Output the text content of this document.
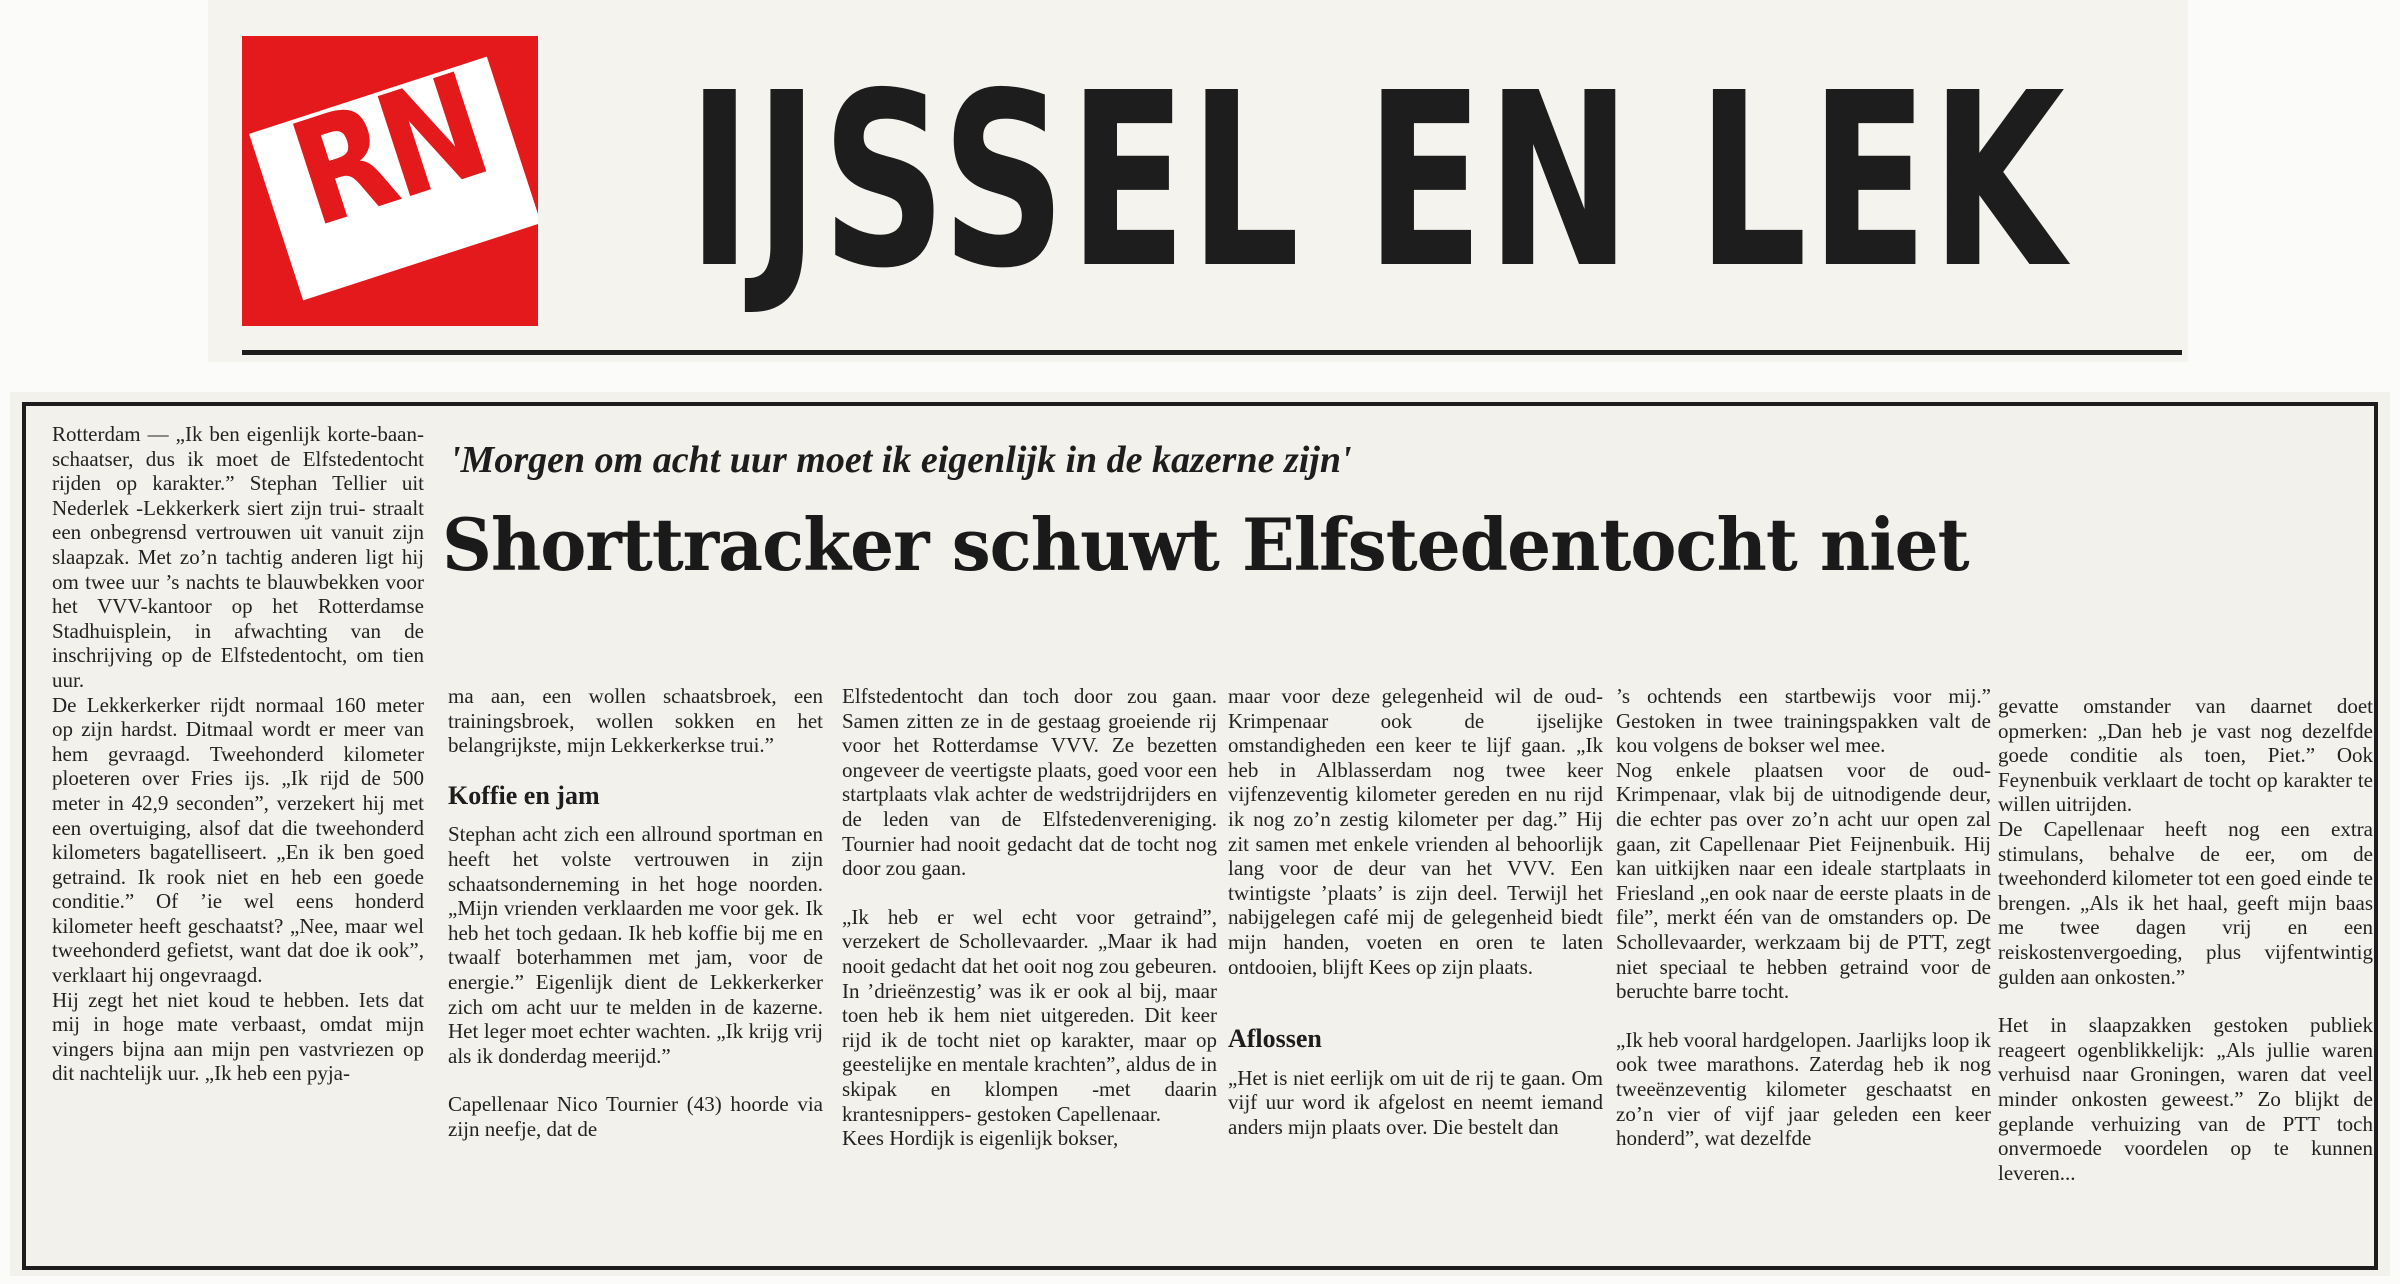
RN IJSSEL EN LEK

Rotterdam — „Ik ben eigenlijk korte-baan-schaatser, dus ik moet de Elfstedentocht rijden op karakter.” Stephan Tellier uit Nederlek -Lekkerkerk siert zijn trui- straalt een onbegrensd vertrouwen uit vanuit zijn slaapzak. Met zo’n tachtig anderen ligt hij om twee uur ’s nachts te blauwbekken voor het VVV-kantoor op het Rotterdamse Stadhuisplein, in afwachting van de inschrijving op de Elfstedentocht, om tien uur.

De Lekkerkerker rijdt normaal 160 meter op zijn hardst. Ditmaal wordt er meer van hem gevraagd. Tweehonderd kilometer ploeteren over Fries ijs. „Ik rijd de 500 meter in 42,9 seconden”, verzekert hij met een overtuiging, alsof dat die tweehonderd kilometers bagatelliseert. „En ik ben goed getraind. Ik rook niet en heb een goede conditie.” Of ’ie wel eens honderd kilometer heeft geschaatst? „Nee, maar wel tweehonderd gefietst, want dat doe ik ook”, verklaart hij ongevraagd.

Hij zegt het niet koud te hebben. Iets dat mij in hoge mate verbaast, omdat mijn vingers bijna aan mijn pen vastvriezen op dit nachtelijk uur. „Ik heb een pyja-

'Morgen om acht uur moet ik eigenlijk in de kazerne zijn'
Shorttracker schuwt Elfstedentocht niet

ma aan, een wollen schaatsbroek, een trainingsbroek, wollen sokken en het belangrijkste, mijn Lekkerkerkse trui.”

Koffie en jam

Stephan acht zich een allround sportman en heeft het volste vertrouwen in zijn schaatsonderneming in het hoge noorden. „Mijn vrienden verklaarden me voor gek. Ik heb het toch gedaan. Ik heb koffie bij me en twaalf boterhammen met jam, voor de energie.” Eigenlijk dient de Lekkerkerker zich om acht uur te melden in de kazerne. Het leger moet echter wachten. „Ik krijg vrij als ik donderdag meerijd.”

Capellenaar Nico Tournier (43) hoorde via zijn neefje, dat de

Elfstedentocht dan toch door zou gaan. Samen zitten ze in de gestaag groeiende rij voor het Rotterdamse VVV. Ze bezetten ongeveer de veertigste plaats, goed voor een startplaats vlak achter de wedstrijdrijders en de leden van de Elfstedenvereniging. Tournier had nooit gedacht dat de tocht nog door zou gaan.

„Ik heb er wel echt voor getraind”, verzekert de Schollevaarder. „Maar ik had nooit gedacht dat het ooit nog zou gebeuren. In ’drieënzestig’ was ik er ook al bij, maar toen heb ik hem niet uitgereden. Dit keer rijd ik de tocht niet op karakter, maar op geestelijke en mentale krachten”, aldus de in skipak en klompen -met daarin krantesnippers- gestoken Capellenaar.

Kees Hordijk is eigenlijk bokser,

maar voor deze gelegenheid wil de oud-Krimpenaar ook de ijselijke omstandigheden een keer te lijf gaan. „Ik heb in Alblasserdam nog twee keer vijfenzeventig kilometer gereden en nu rijd ik nog zo’n zestig kilometer per dag.” Hij zit samen met enkele vrienden al behoorlijk lang voor de deur van het VVV. Een twintigste ’plaats’ is zijn deel. Terwijl het nabijgelegen café mij de gelegenheid biedt mijn handen, voeten en oren te laten ontdooien, blijft Kees op zijn plaats.

Aflossen

„Het is niet eerlijk om uit de rij te gaan. Om vijf uur word ik afgelost en neemt iemand anders mijn plaats over. Die bestelt dan

’s ochtends een startbewijs voor mij.” Gestoken in twee trainingspakken valt de kou volgens de bokser wel mee.

Nog enkele plaatsen voor de oud-Krimpenaar, vlak bij de uitnodigende deur, die echter pas over zo’n acht uur open zal gaan, zit Capellenaar Piet Feijnenbuik. Hij kan uitkijken naar een ideale startplaats in Friesland „en ook naar de eerste plaats in de file”, merkt één van de omstanders op. De Schollevaarder, werkzaam bij de PTT, zegt niet speciaal te hebben getraind voor de beruchte barre tocht.

„Ik heb vooral hardgelopen. Jaarlijks loop ik ook twee marathons. Zaterdag heb ik nog tweeënzeventig kilometer geschaatst en zo’n vier of vijf jaar geleden een keer honderd”, wat dezelfde

gevatte omstander van daarnet doet opmerken: „Dan heb je vast nog dezelfde goede conditie als toen, Piet.” Ook Feynenbuik verklaart de tocht op karakter te willen uitrijden.

De Capellenaar heeft nog een extra stimulans, behalve de eer, om de tweehonderd kilometer tot een goed einde te brengen. „Als ik het haal, geeft mijn baas me twee dagen vrij en een reiskostenvergoeding, plus vijfentwintig gulden aan onkosten.”

Het in slaapzakken gestoken publiek reageert ogenblikkelijk: „Als jullie waren verhuisd naar Groningen, waren dat veel minder onkosten geweest.” Zo blijkt de geplande verhuizing van de PTT toch onvermoede voordelen op te kunnen leveren...
